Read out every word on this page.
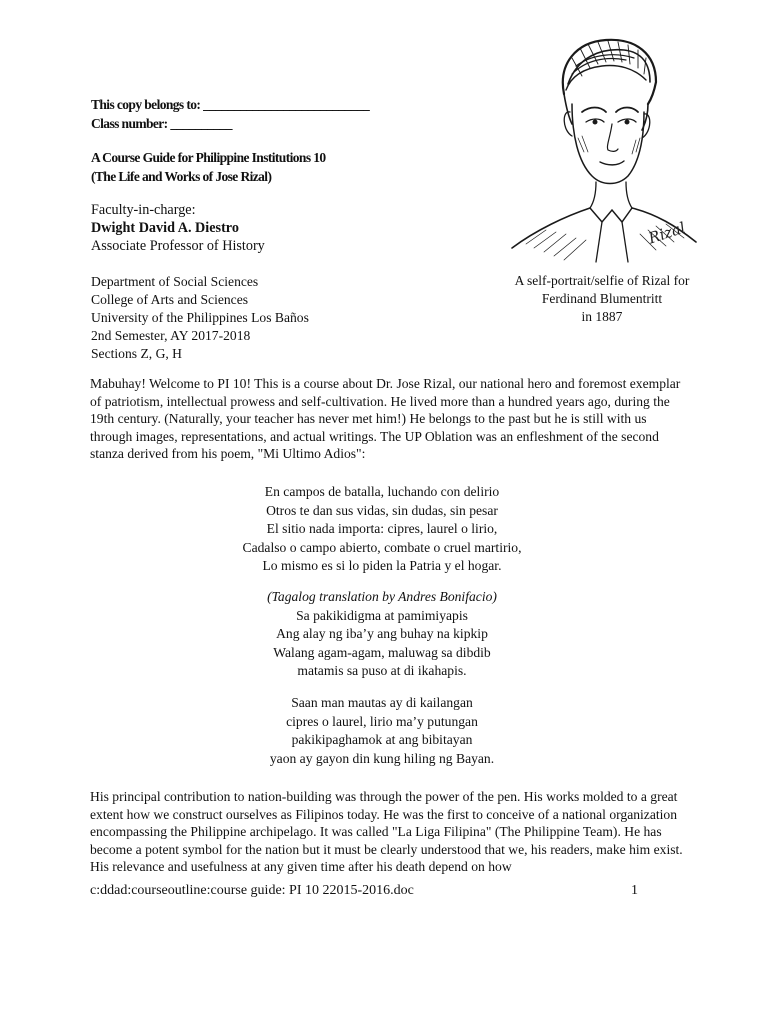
This copy belongs to: ___________________________
Class number: __________
A Course Guide for Philippine Institutions 10
(The Life and Works of Jose Rizal)
Faculty-in-charge:
Dwight David A. Diestro
Associate Professor of History
Department of Social Sciences
College of Arts and Sciences
University of the Philippines Los Baños
2nd Semester, AY 2017-2018
Sections Z, G, H
Rizal
A self-portrait/selfie of Rizal for
Ferdinand Blumentritt
in 1887

Mabuhay! Welcome to PI 10! This is a course about Dr. Jose Rizal, our national hero and foremost exemplar of patriotism, intellectual prowess and self-cultivation. He lived more than a hundred years ago, during the 19th century. (Naturally, your teacher has never met him!) He belongs to the past but he is still with us through images, representations, and actual writings. The UP Oblation was an enfleshment of the second stanza derived from his poem, "Mi Ultimo Adios":

En campos de batalla, luchando con delirio
Otros te dan sus vidas, sin dudas, sin pesar
El sitio nada importa: cipres, laurel o lirio,
Cadalso o campo abierto, combate o cruel martirio,
Lo mismo es si lo piden la Patria y el hogar.
(Tagalog translation by Andres Bonifacio)
Sa pakikidigma at pamimiyapis
Ang alay ng iba’y ang buhay na kipkip
Walang agam-agam, maluwag sa dibdib
matamis sa puso at di ikahapis.
Saan man mautas ay di kailangan
cipres o laurel, lirio ma’y putungan
pakikipaghamok at ang bibitayan
yaon ay gayon din kung hiling ng Bayan.

His principal contribution to nation-building was through the power of the pen. His works molded to a great extent how we construct ourselves as Filipinos today. He was the first to conceive of a national organization encompassing the Philippine archipelago. It was called "La Liga Filipina" (The Philippine Team). He has become a potent symbol for the nation but it must be clearly understood that we, his readers, make him exist. His relevance and usefulness at any given time after his death depend on how

c:ddad:courseoutline:course guide: PI 10 22015-2016.doc	1
